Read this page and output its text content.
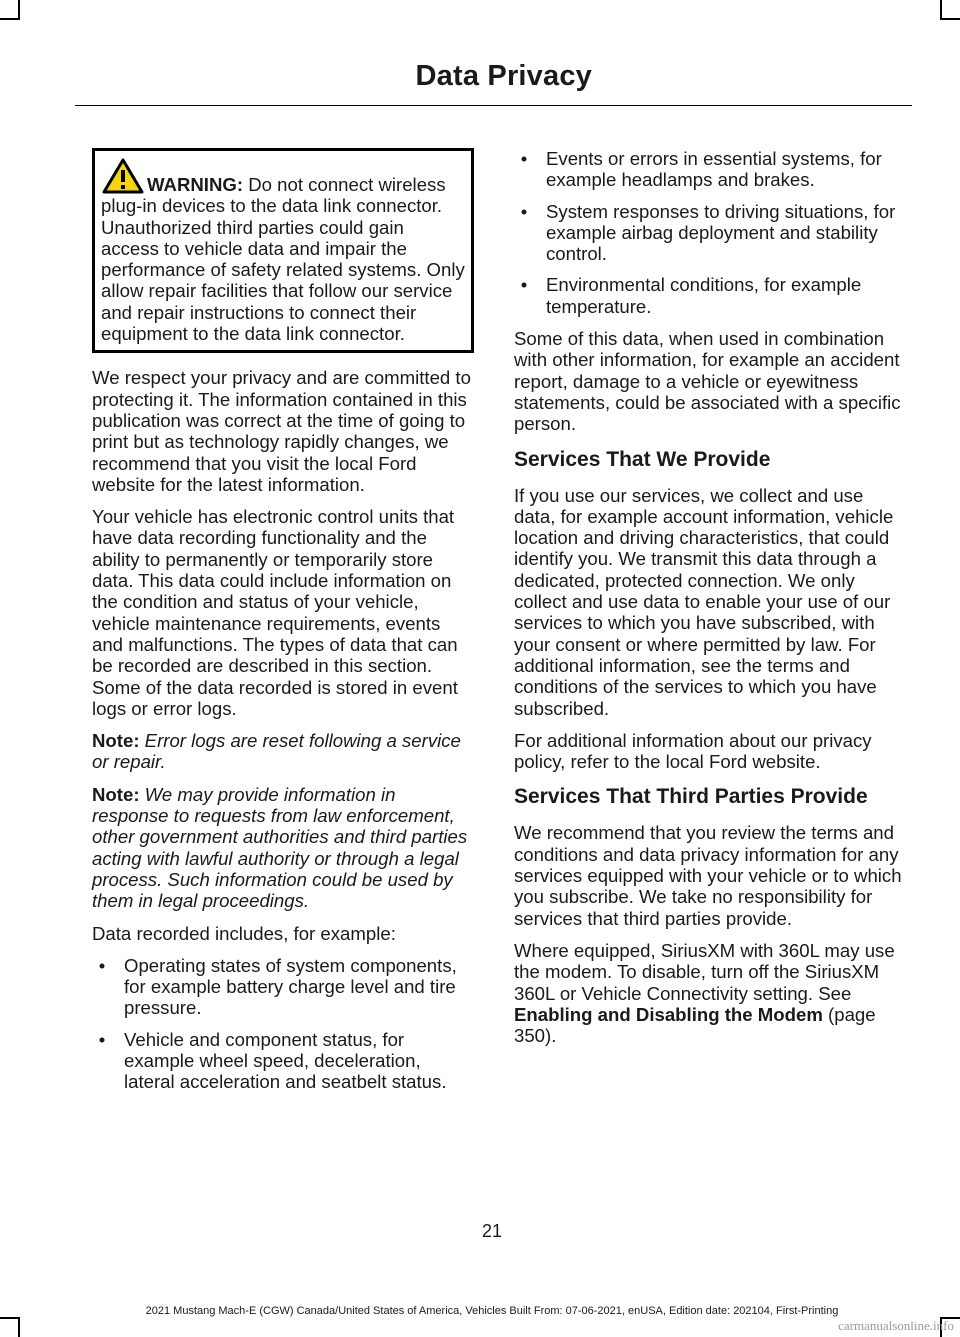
Data Privacy
WARNING: Do not connect wireless plug-in devices to the data link connector. Unauthorized third parties could gain access to vehicle data and impair the performance of safety related systems. Only allow repair facilities that follow our service and repair instructions to connect their equipment to the data link connector.

We respect your privacy and are committed to protecting it. The information contained in this publication was correct at the time of going to print but as technology rapidly changes, we recommend that you visit the local Ford website for the latest information.

Your vehicle has electronic control units that have data recording functionality and the ability to permanently or temporarily store data. This data could include information on the condition and status of your vehicle, vehicle maintenance requirements, events and malfunctions. The types of data that can be recorded are described in this section. Some of the data recorded is stored in event logs or error logs.

Note: Error logs are reset following a service or repair.

Note: We may provide information in response to requests from law enforcement, other government authorities and third parties acting with lawful authority or through a legal process. Such information could be used by them in legal proceedings.

Data recorded includes, for example:

•	Operating states of system components, for example battery charge level and tire pressure.
•	Vehicle and component status, for example wheel speed, deceleration, lateral acceleration and seatbelt status.
•	Events or errors in essential systems, for example headlamps and brakes.
•	System responses to driving situations, for example airbag deployment and stability control.
•	Environmental conditions, for example temperature.

Some of this data, when used in combination with other information, for example an accident report, damage to a vehicle or eyewitness statements, could be associated with a specific person.

Services That We Provide

If you use our services, we collect and use data, for example account information, vehicle location and driving characteristics, that could identify you. We transmit this data through a dedicated, protected connection. We only collect and use data to enable your use of our services to which you have subscribed, with your consent or where permitted by law. For additional information, see the terms and conditions of the services to which you have subscribed.

For additional information about our privacy policy, refer to the local Ford website.

Services That Third Parties Provide

We recommend that you review the terms and conditions and data privacy information for any services equipped with your vehicle or to which you subscribe. We take no responsibility for services that third parties provide.

Where equipped, SiriusXM with 360L may use the modem. To disable, turn off the SiriusXM 360L or Vehicle Connectivity setting. See Enabling and Disabling the Modem (page 350).

21
2021 Mustang Mach-E (CGW) Canada/United States of America, Vehicles Built From: 07-06-2021, enUSA, Edition date: 202104, First-Printing
carmanualsonline.info
